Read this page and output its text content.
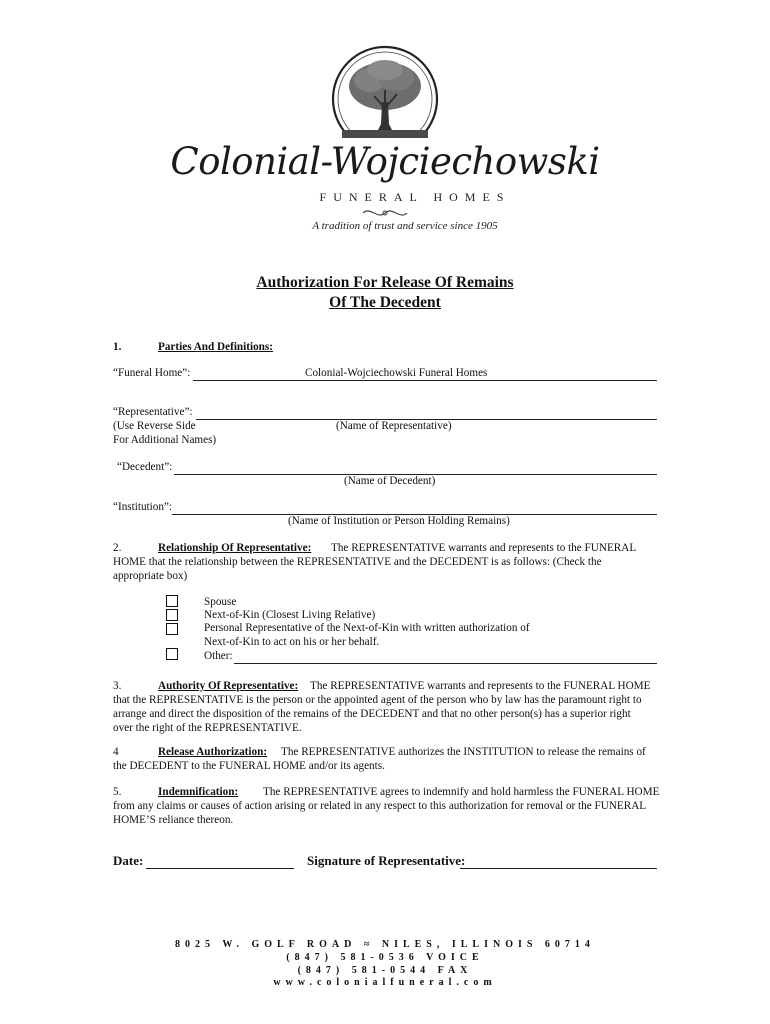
Colonial-Wojciechowski
FUNERAL HOMES
A tradition of trust and service since 1905
Authorization For Release Of Remains
Of The Decedent
1.	Parties And Definitions:
“Funeral Home”:	Colonial-Wojciechowski Funeral Homes
“Representative”:
(Use Reverse Side	(Name of Representative)
For Additional Names)
“Decedent”:
(Name of Decedent)
“Institution”:
(Name of Institution or Person Holding Remains)
2.	Relationship Of Representative: The REPRESENTATIVE warrants and represents to the FUNERAL
HOME that the relationship between the REPRESENTATIVE and the DECEDENT is as follows: (Check the
appropriate box)
Spouse
Next-of-Kin (Closest Living Relative)
Personal Representative of the Next-of-Kin with written authorization of
Next-of-Kin to act on his or her behalf.
Other:
3.	Authority Of Representative: The REPRESENTATIVE warrants and represents to the FUNERAL HOME
that the REPRESENTATIVE is the person or the appointed agent of the person who by law has the paramount right to
arrange and direct the disposition of the remains of the DECEDENT and that no other person(s) has a superior right
over the right of the REPRESENTATIVE.
4	Release Authorization: The REPRESENTATIVE authorizes the INSTITUTION to release the remains of
the DECEDENT to the FUNERAL HOME and/or its agents.
5.	Indemnification: The REPRESENTATIVE agrees to indemnify and hold harmless the FUNERAL HOME
from any claims or causes of action arising or related in any respect to this authorization for removal or the FUNERAL
HOME’S reliance thereon.
Date:	Signature of Representative:
8025 W. GOLF ROAD ≈ NILES, ILLINOIS 60714
(847) 581-0536 VOICE
(847) 581-0544 FAX
www.colonialfuneral.com
